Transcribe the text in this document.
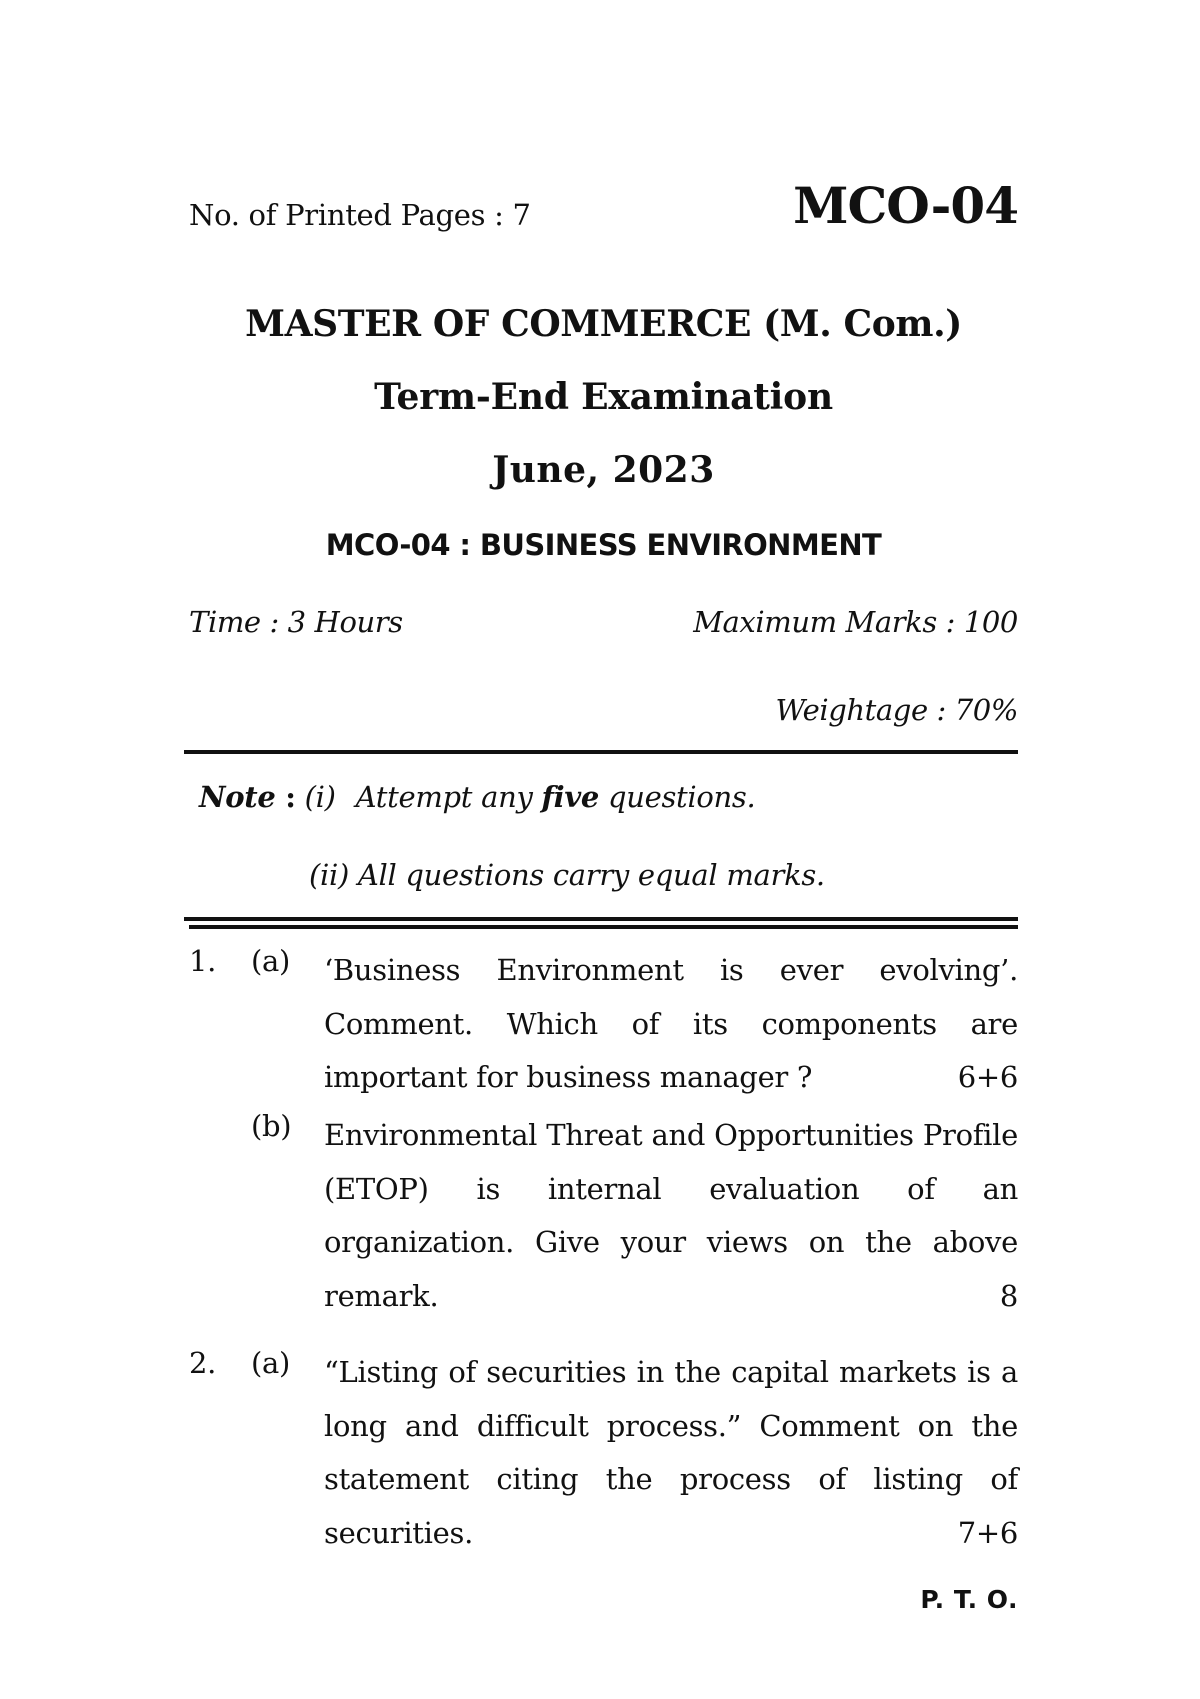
No. of Printed Pages : 7	MCO-04
MASTER OF COMMERCE (M. Com.)
Term-End Examination
June, 2023
MCO-04 : BUSINESS ENVIRONMENT
Time : 3 Hours	Maximum Marks : 100
Weightage : 70%
Note : (i) Attempt any five questions.
(ii) All questions carry equal marks.
1.	(a)	‘Business Environment is ever evolving’. Comment. Which of its components are important for business manager ?	6+6
(b)	Environmental Threat and Opportunities Profile (ETOP) is internal evaluation of an organization. Give your views on the above remark.	8
2.	(a)	“Listing of securities in the capital markets is a long and difficult process.” Comment on the statement citing the process of listing of securities.	7+6
P. T. O.
